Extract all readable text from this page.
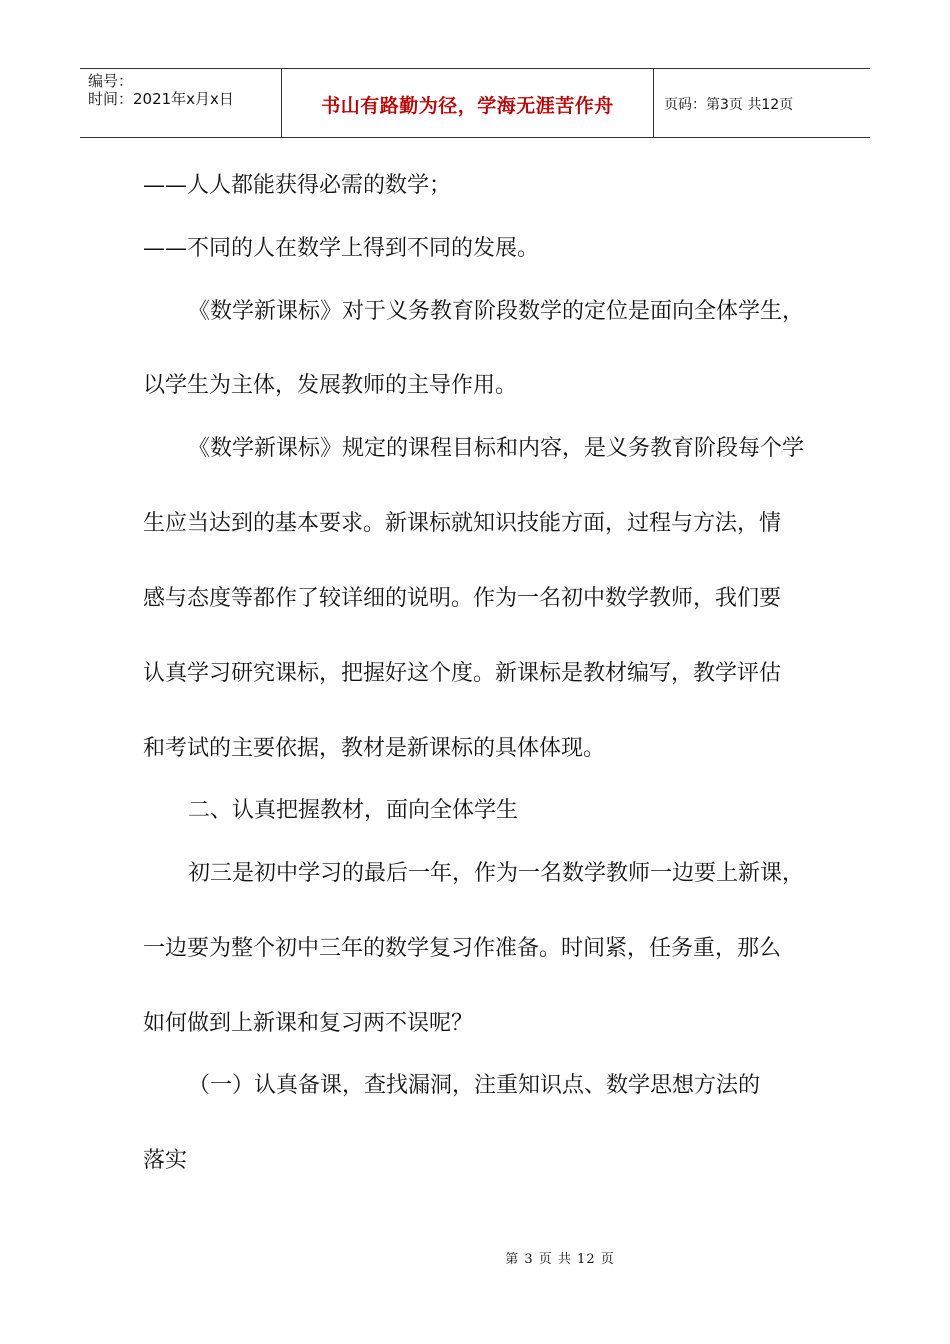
编号：
时间：2021年x月x日	书山有路勤为径，学海无涯苦作舟	页码：第3页 共12页
——人人都能获得必需的数学；
——不同的人在数学上得到不同的发展。
《数学新课标》对于义务教育阶段数学的定位是面向全体学生，
以学生为主体，发展教师的主导作用。
《数学新课标》规定的课程目标和内容，是义务教育阶段每个学
生应当达到的基本要求。新课标就知识技能方面，过程与方法，情
感与态度等都作了较详细的说明。作为一名初中数学教师，我们要
认真学习研究课标，把握好这个度。新课标是教材编写，教学评估
和考试的主要依据，教材是新课标的具体体现。
二、认真把握教材，面向全体学生
初三是初中学习的最后一年，作为一名数学教师一边要上新课，
一边要为整个初中三年的数学复习作准备。时间紧，任务重，那么
如何做到上新课和复习两不误呢？
（一）认真备课，查找漏洞，注重知识点、数学思想方法的
落实
第 3 页 共 12 页
